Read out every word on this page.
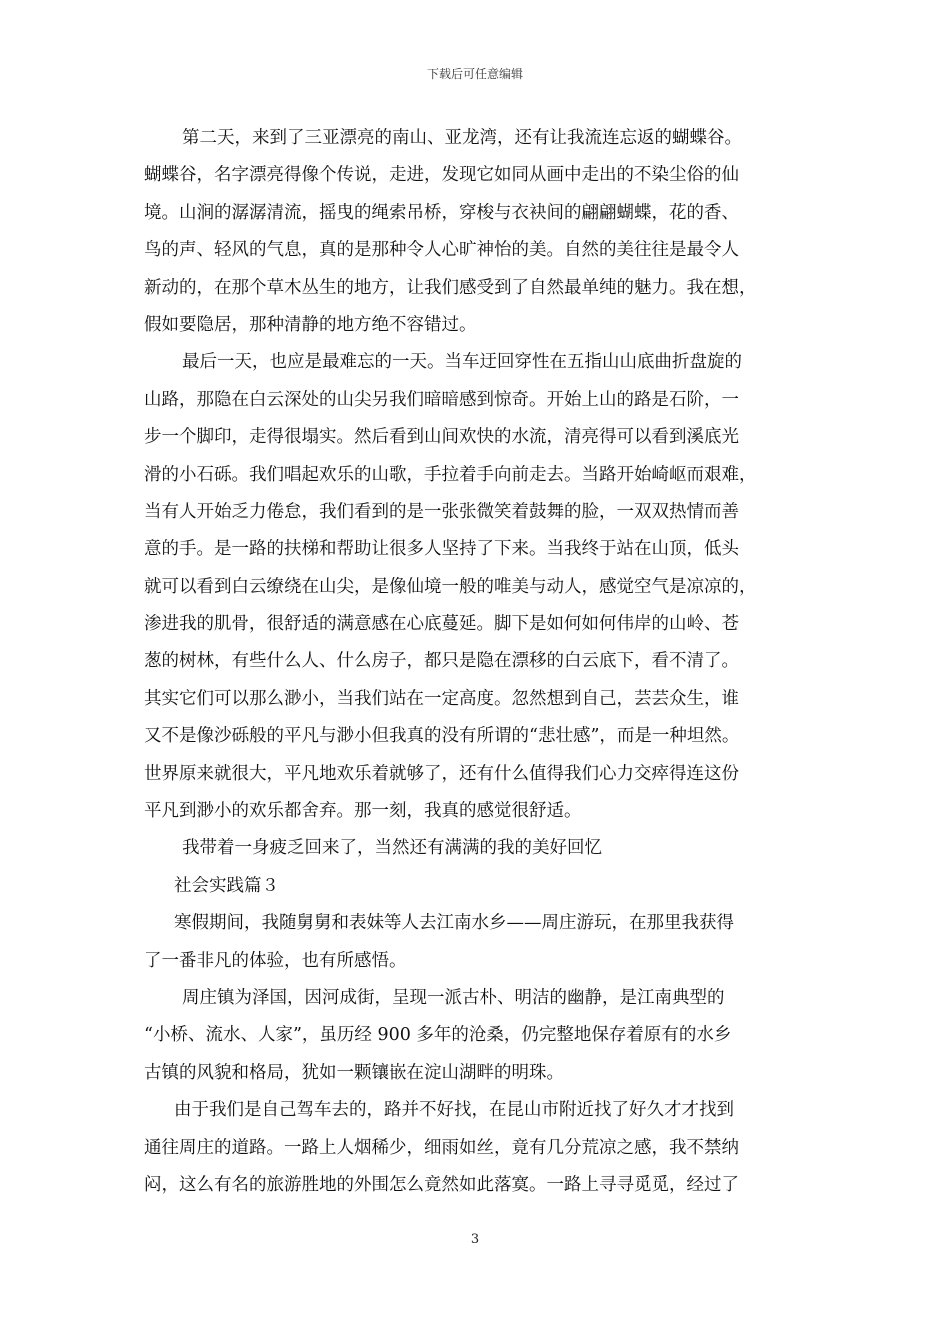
下载后可任意编辑
第二天，来到了三亚漂亮的南山、亚龙湾，还有让我流连忘返的蝴蝶谷。
蝴蝶谷，名字漂亮得像个传说，走进，发现它如同从画中走出的不染尘俗的仙
境。山涧的潺潺清流，摇曳的绳索吊桥，穿梭与衣袂间的翩翩蝴蝶，花的香、
鸟的声、轻风的气息，真的是那种令人心旷神怡的美。自然的美往往是最令人
新动的，在那个草木丛生的地方，让我们感受到了自然最单纯的魅力。我在想，
假如要隐居，那种清静的地方绝不容错过。
最后一天，也应是最难忘的一天。当车迂回穿性在五指山山底曲折盘旋的
山路，那隐在白云深处的山尖另我们暗暗感到惊奇。开始上山的路是石阶，一
步一个脚印，走得很塌实。然后看到山间欢快的水流，清亮得可以看到溪底光
滑的小石砾。我们唱起欢乐的山歌，手拉着手向前走去。当路开始崎岖而艰难，
当有人开始乏力倦怠，我们看到的是一张张微笑着鼓舞的脸，一双双热情而善
意的手。是一路的扶梯和帮助让很多人坚持了下来。当我终于站在山顶，低头
就可以看到白云缭绕在山尖，是像仙境一般的唯美与动人，感觉空气是凉凉的，
渗进我的肌骨，很舒适的满意感在心底蔓延。脚下是如何如何伟岸的山岭、苍
葱的树林，有些什么人、什么房子，都只是隐在漂移的白云底下，看不清了。
其实它们可以那么渺小，当我们站在一定高度。忽然想到自己，芸芸众生，谁
又不是像沙砾般的平凡与渺小但我真的没有所谓的“悲壮感”，而是一种坦然。
世界原来就很大，平凡地欢乐着就够了，还有什么值得我们心力交瘁得连这份
平凡到渺小的欢乐都舍弃。那一刻，我真的感觉很舒适。
我带着一身疲乏回来了，当然还有满满的我的美好回忆
社会实践篇３
寒假期间，我随舅舅和表妹等人去江南水乡——周庄游玩，在那里我获得
了一番非凡的体验，也有所感悟。
周庄镇为泽国，因河成街，呈现一派古朴、明洁的幽静，是江南典型的
“小桥、流水、人家”，虽历经 900 多年的沧桑，仍完整地保存着原有的水乡
古镇的风貌和格局，犹如一颗镶嵌在淀山湖畔的明珠。
由于我们是自己驾车去的，路并不好找，在昆山市附近找了好久才才找到
通往周庄的道路。一路上人烟稀少，细雨如丝，竟有几分荒凉之感，我不禁纳
闷，这么有名的旅游胜地的外围怎么竟然如此落寞。一路上寻寻觅觅，经过了
3
